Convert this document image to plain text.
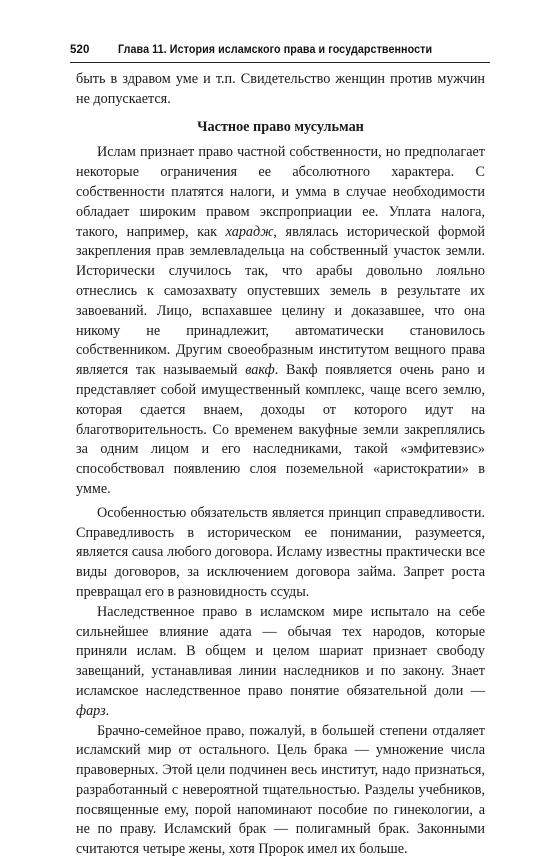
520 Глава 11. История исламского права и государственности

быть в здравом уме и т.п. Свидетельство женщин против мужчин не допускается.

Частное право мусульман

Ислам признает право частной собственности, но предполагает некоторые ограничения ее абсолютного характера. С собственности платятся налоги, и умма в случае необходимости обладает широким правом экспроприации ее. Уплата налога, такого, например, как харадж, являлась исторической формой закрепления прав землевладельца на собственный участок земли. Исторически случилось так, что арабы довольно лояльно отнеслись к самозахвату опустевших земель в результате их завоеваний. Лицо, вспахавшее целину и доказавшее, что она никому не принадлежит, автоматически становилось собственником. Другим своеобразным институтом вещного права является так называемый вакф. Вакф появляется очень рано и представляет собой имущественный комплекс, чаще всего землю, которая сдается внаем, доходы от которого идут на благотворительность. Со временем вакуфные земли закреплялись за одним лицом и его наследниками, такой «эмфитевзис» способствовал появлению слоя поземельной «аристократии» в умме.

Особенностью обязательств является принцип справедливости. Справедливость в историческом ее понимании, разумеется, является causa любого договора. Исламу известны практически все виды договоров, за исключением договора займа. Запрет роста превращал его в разновидность ссуды.

Наследственное право в исламском мире испытало на себе сильнейшее влияние адата — обычая тех народов, которые приняли ислам. В общем и целом шариат признает свободу завещаний, устанавливая линии наследников и по закону. Знает исламское наследственное право понятие обязательной доли — фарз.

Брачно-семейное право, пожалуй, в большей степени отдаляет исламский мир от остального. Цель брака — умножение числа правоверных. Этой цели подчинен весь институт, надо признаться, разработанный с невероятной тщательностью. Разделы учебников, посвященные ему, порой напоминают пособие по гинекологии, а не по праву. Исламский брак — полигамный брак. Законными считаются четыре жены, хотя Пророк имел их больше.
